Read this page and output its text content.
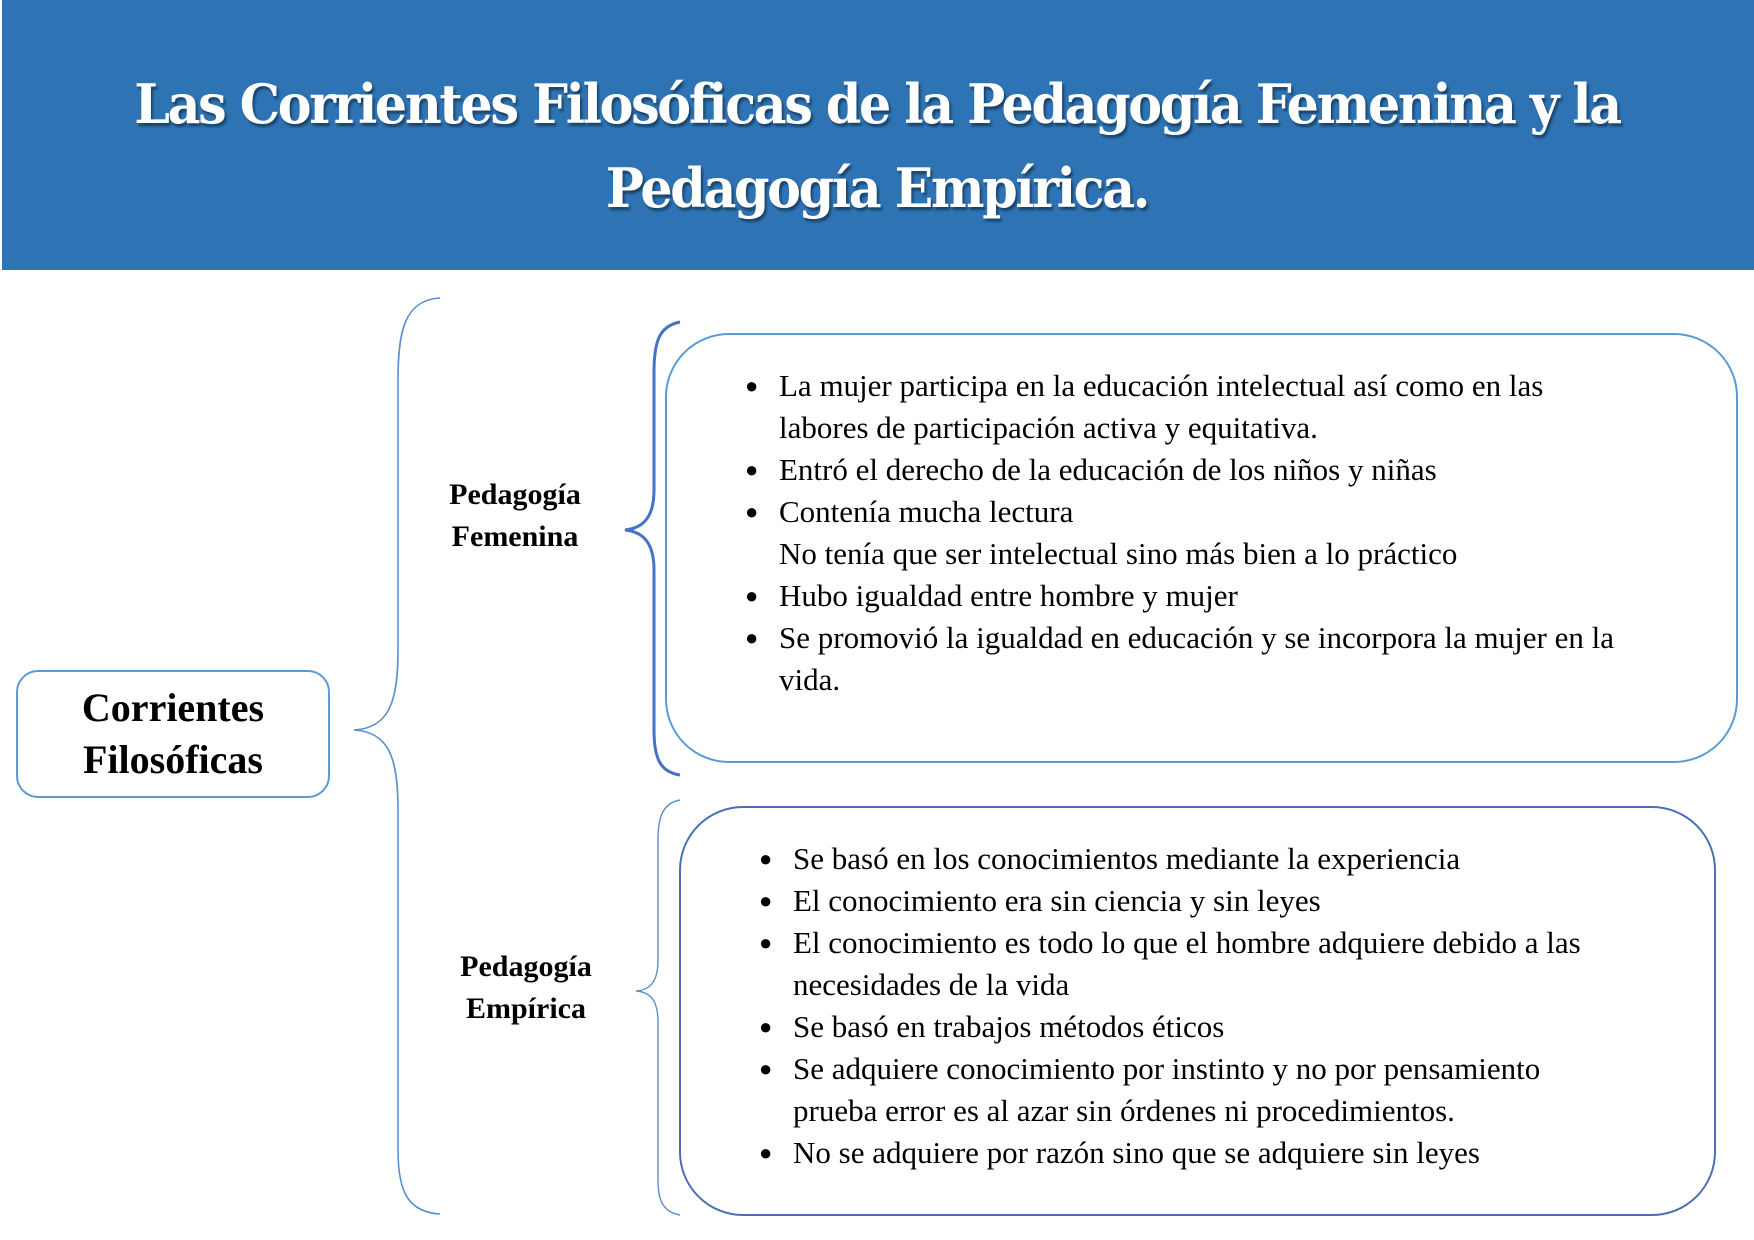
Las Corrientes Filosóficas de la Pedagogía Femenina y la
Pedagogía Empírica.
Corrientes
Filosóficas
Pedagogía
Femenina
Pedagogía
Empírica
● La mujer participa en la educación intelectual así como en las
labores de participación activa y equitativa.
● Entró el derecho de la educación de los niños y niñas
● Contenía mucha lectura
No tenía que ser intelectual sino más bien a lo práctico
● Hubo igualdad entre hombre y mujer
● Se promovió la igualdad en educación y se incorpora la mujer en la
vida.
● Se basó en los conocimientos mediante la experiencia
● El conocimiento era sin ciencia y sin leyes
● El conocimiento es todo lo que el hombre adquiere debido a las
necesidades de la vida
● Se basó en trabajos métodos éticos
● Se adquiere conocimiento por instinto y no por pensamiento
prueba error es al azar sin órdenes ni procedimientos.
● No se adquiere por razón sino que se adquiere sin leyes
